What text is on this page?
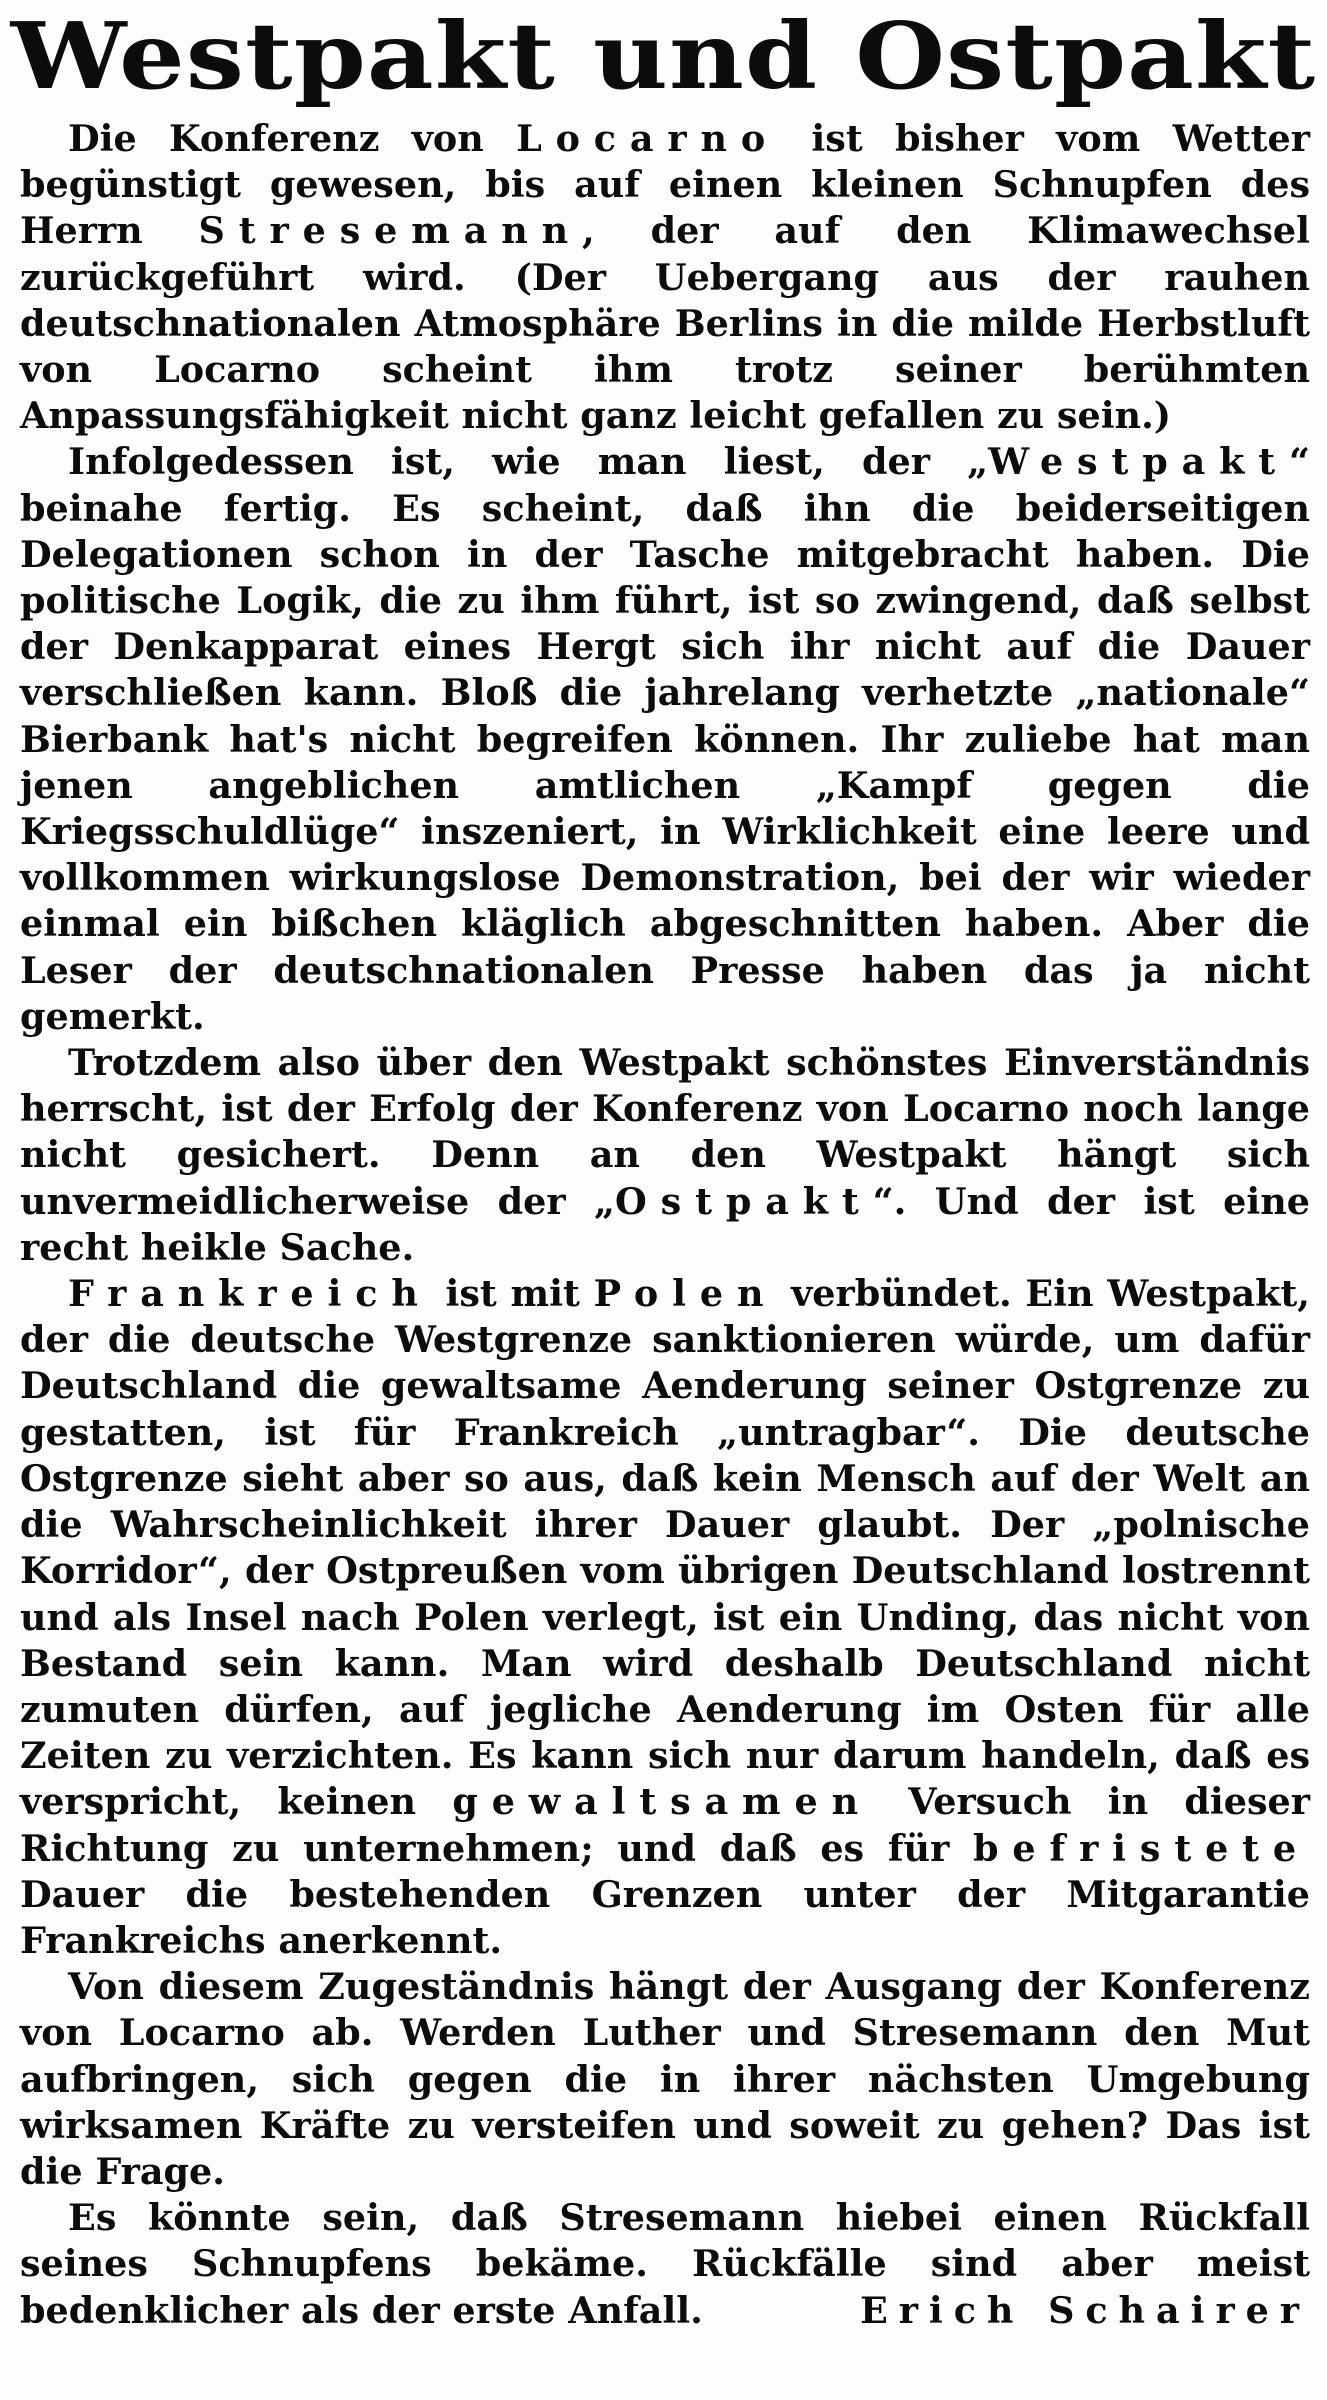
Westpakt und Ostpakt

Die Konferenz von Locarno ist bisher vom Wetter begünstigt gewesen, bis auf einen kleinen Schnupfen des Herrn Stresemann, der auf den Klimawechsel zurückgeführt wird. (Der Uebergang aus der rauhen deutschnationalen Atmosphäre Berlins in die milde Herbstluft von Locarno scheint ihm trotz seiner berühmten Anpassungsfähigkeit nicht ganz leicht gefallen zu sein.)

Infolgedessen ist, wie man liest, der „Westpakt“ beinahe fertig. Es scheint, daß ihn die beiderseitigen Delegationen schon in der Tasche mitgebracht haben. Die politische Logik, die zu ihm führt, ist so zwingend, daß selbst der Denkapparat eines Hergt sich ihr nicht auf die Dauer verschließen kann. Bloß die jahrelang verhetzte „nationale“ Bierbank hat's nicht begreifen können. Ihr zuliebe hat man jenen angeblichen amtlichen „Kampf gegen die Kriegsschuldlüge“ inszeniert, in Wirklichkeit eine leere und vollkommen wirkungslose Demonstration, bei der wir wieder einmal ein bißchen kläglich abgeschnitten haben. Aber die Leser der deutschnationalen Presse haben das ja nicht gemerkt.

Trotzdem also über den Westpakt schönstes Einverständnis herrscht, ist der Erfolg der Konferenz von Locarno noch lange nicht gesichert. Denn an den Westpakt hängt sich unvermeidlicherweise der „Ostpakt“. Und der ist eine recht heikle Sache.

Frankreich ist mit Polen verbündet. Ein Westpakt, der die deutsche Westgrenze sanktionieren würde, um dafür Deutschland die gewaltsame Aenderung seiner Ostgrenze zu gestatten, ist für Frankreich „untragbar“. Die deutsche Ostgrenze sieht aber so aus, daß kein Mensch auf der Welt an die Wahrscheinlichkeit ihrer Dauer glaubt. Der „polnische Korridor“, der Ostpreußen vom übrigen Deutschland lostrennt und als Insel nach Polen verlegt, ist ein Unding, das nicht von Bestand sein kann. Man wird deshalb Deutschland nicht zumuten dürfen, auf jegliche Aenderung im Osten für alle Zeiten zu verzichten. Es kann sich nur darum handeln, daß es verspricht, keinen gewaltsamen Versuch in dieser Richtung zu unternehmen; und daß es für befristete Dauer die bestehenden Grenzen unter der Mitgarantie Frankreichs anerkennt.

Von diesem Zugeständnis hängt der Ausgang der Konferenz von Locarno ab. Werden Luther und Stresemann den Mut aufbringen, sich gegen die in ihrer nächsten Umgebung wirksamen Kräfte zu versteifen und soweit zu gehen? Das ist die Frage.

Es könnte sein, daß Stresemann hiebei einen Rückfall seines Schnupfens bekäme. Rückfälle sind aber meist bedenklicher als der erste Anfall.	Erich Schairer
